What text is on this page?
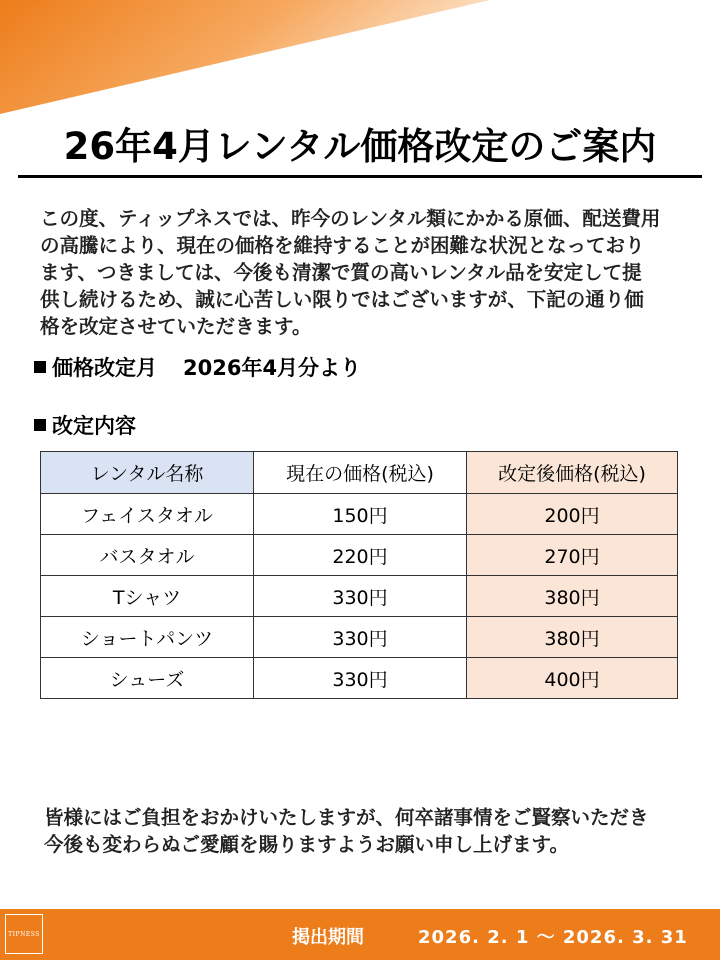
26年4月レンタル価格改定のご案内
この度、ティップネスでは、昨今のレンタル類にかかる原価、配送費用
の高騰により、現在の価格を維持することが困難な状況となっており
ます、つきましては、今後も清潔で質の高いレンタル品を安定して提
供し続けるため、誠に心苦しい限りではございますが、下記の通り価
格を改定させていただきます。
価格改定月 2026年4月分より
改定内容
レンタル名称	現在の価格(税込)	改定後価格(税込)
フェイスタオル	150円	200円
バスタオル	220円	270円
Tシャツ	330円	380円
ショートパンツ	330円	380円
シューズ	330円	400円
皆様にはご負担をおかけいたしますが、何卒諸事情をご賢察いただき
今後も変わらぬご愛顧を賜りますようお願い申し上げます。
TIPNESS	掲出期間	2026. 2. 1 ～ 2026. 3. 31
